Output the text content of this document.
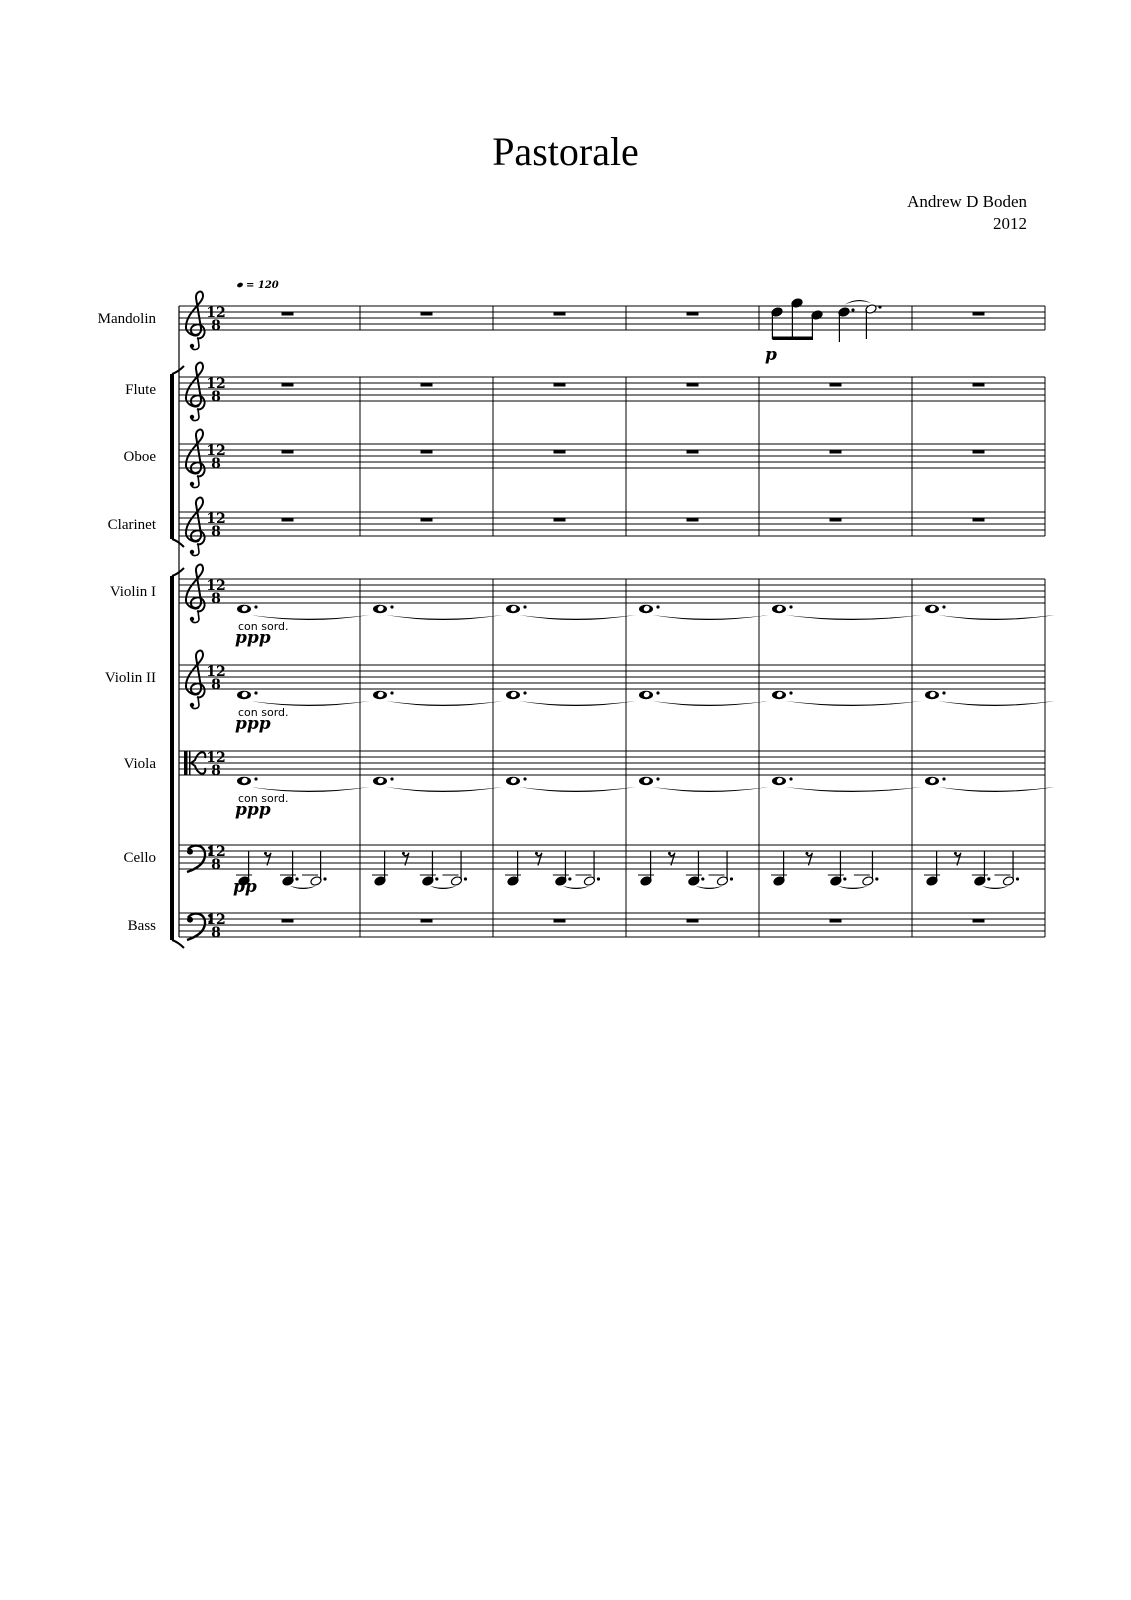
Pastorale
Andrew D Boden
2012
= 120
Mandolin	12
8
p
Flute	12
8
Oboe	12
8
Clarinet	12
8
Violin I	12
8
con sord.
ppp
Violin II	12
8
con sord.
ppp
Viola	12
8
con sord.
ppp
Cello	12
8
pp
Bass	12
8
